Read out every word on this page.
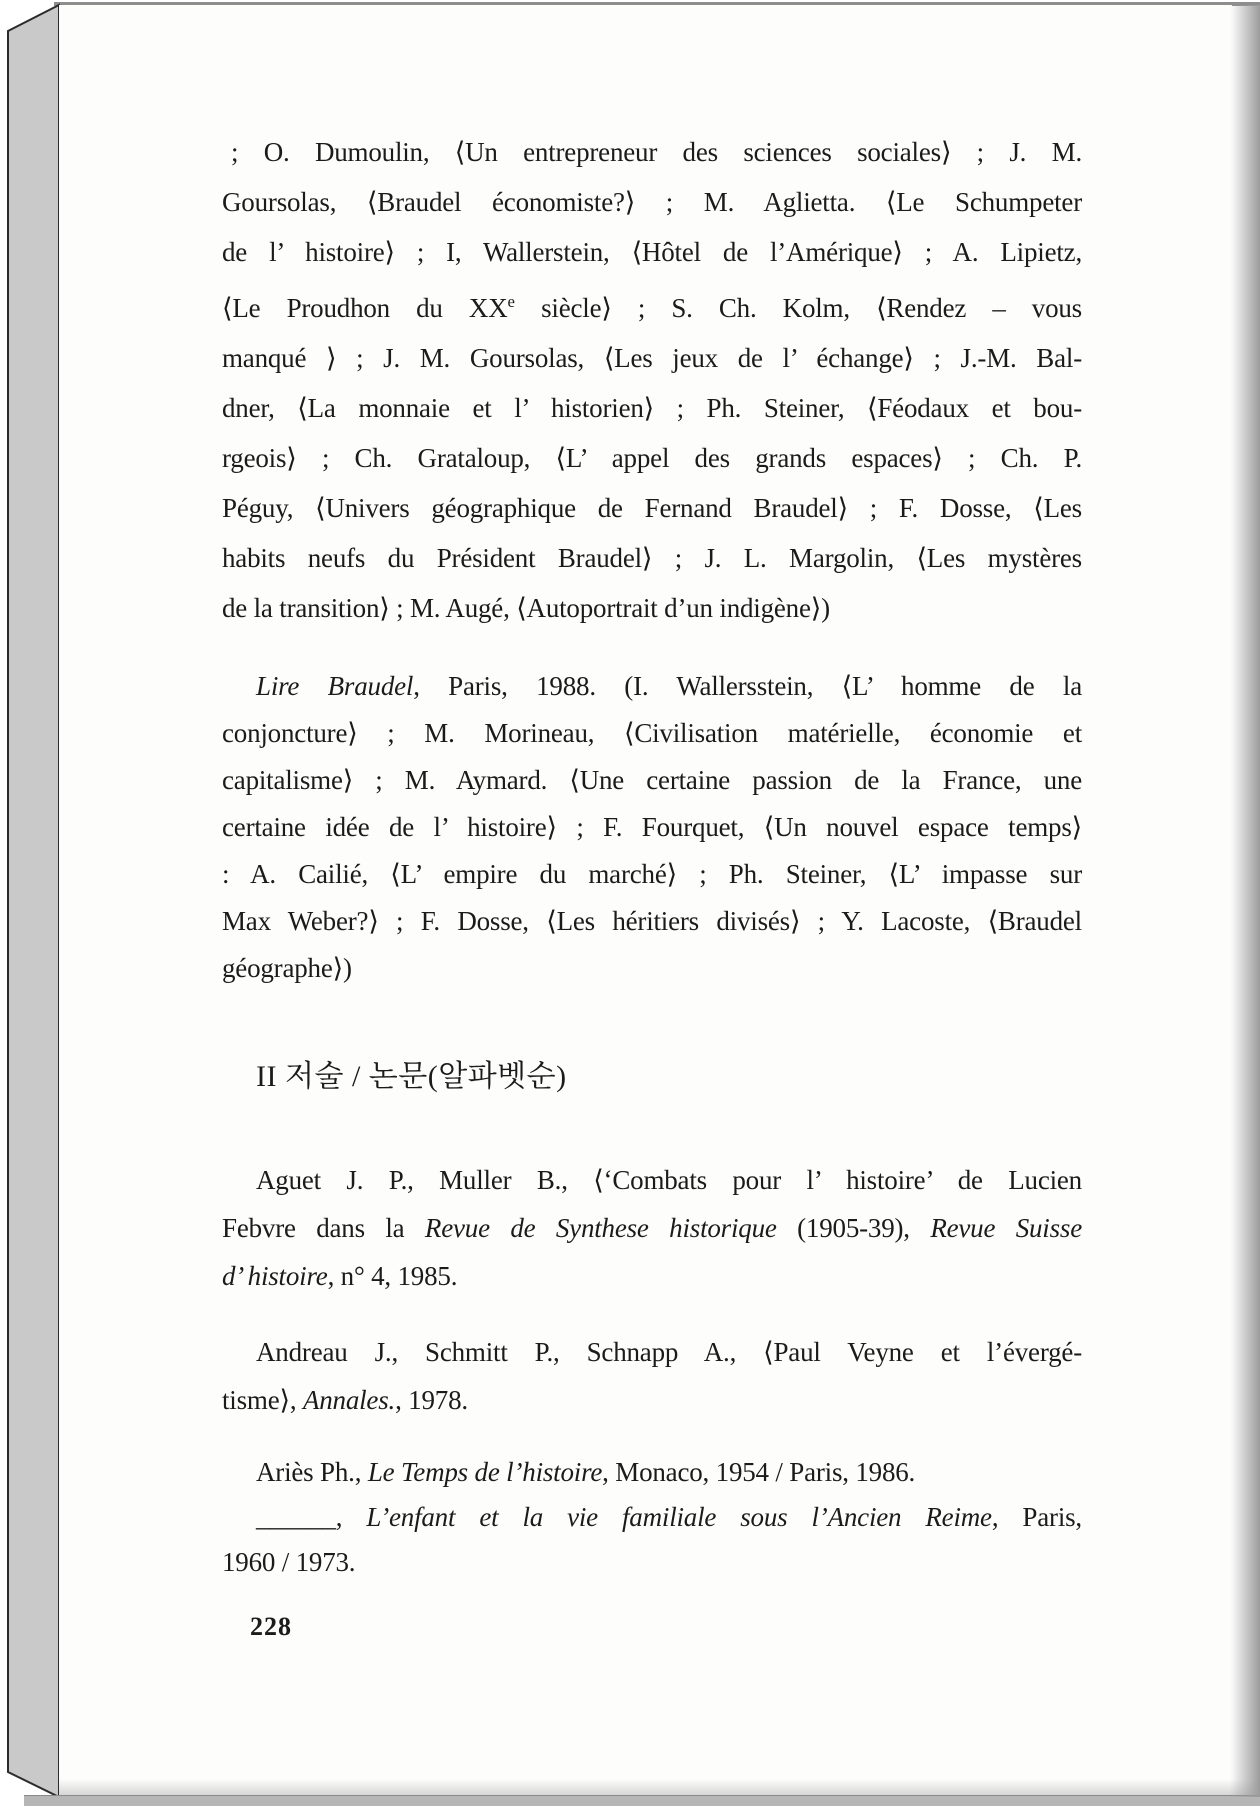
; O. Dumoulin, ⟨Un entrepreneur des sciences sociales⟩ ; J. M.
Goursolas, ⟨Braudel économiste?⟩ ; M. Aglietta. ⟨Le Schumpeter
de l’ histoire⟩ ; I, Wallerstein, ⟨Hôtel de l’Amérique⟩ ; A. Lipietz,
⟨Le Proudhon du XXe siècle⟩ ; S. Ch. Kolm, ⟨Rendez – vous
manqué ⟩ ; J. M. Goursolas, ⟨Les jeux de l’ échange⟩ ; J.-M. Bal-
dner, ⟨La monnaie et l’ historien⟩ ; Ph. Steiner, ⟨Féodaux et bou-
rgeois⟩ ; Ch. Grataloup, ⟨L’ appel des grands espaces⟩ ; Ch. P.
Péguy, ⟨Univers géographique de Fernand Braudel⟩ ; F. Dosse, ⟨Les
habits neufs du Président Braudel⟩ ; J. L. Margolin, ⟨Les mystères
de la transition⟩ ; M. Augé, ⟨Autoportrait d’un indigène⟩)
Lire Braudel, Paris, 1988. (I. Wallersstein, ⟨L’ homme de la
conjoncture⟩ ; M. Morineau, ⟨Civilisation matérielle, économie et
capitalisme⟩ ; M. Aymard. ⟨Une certaine passion de la France, une
certaine idée de l’ histoire⟩ ; F. Fourquet, ⟨Un nouvel espace temps⟩
: A. Cailié, ⟨L’ empire du marché⟩ ; Ph. Steiner, ⟨L’ impasse sur
Max Weber?⟩ ; F. Dosse, ⟨Les héritiers divisés⟩ ; Y. Lacoste, ⟨Braudel
géographe⟩)
II 저술 / 논문(알파벳순)
Aguet J. P., Muller B., ⟨‘Combats pour l’ histoire’ de Lucien
Febvre dans la Revue de Synthese historique (1905-39), Revue Suisse
d’ histoire, n° 4, 1985.
Andreau J., Schmitt P., Schnapp A., ⟨Paul Veyne et l’évergé-
tisme⟩, Annales., 1978.
Ariès Ph., Le Temps de l’histoire, Monaco, 1954 / Paris, 1986.
______, L’enfant et la vie familiale sous l’Ancien Reime, Paris,
1960 / 1973.
228
